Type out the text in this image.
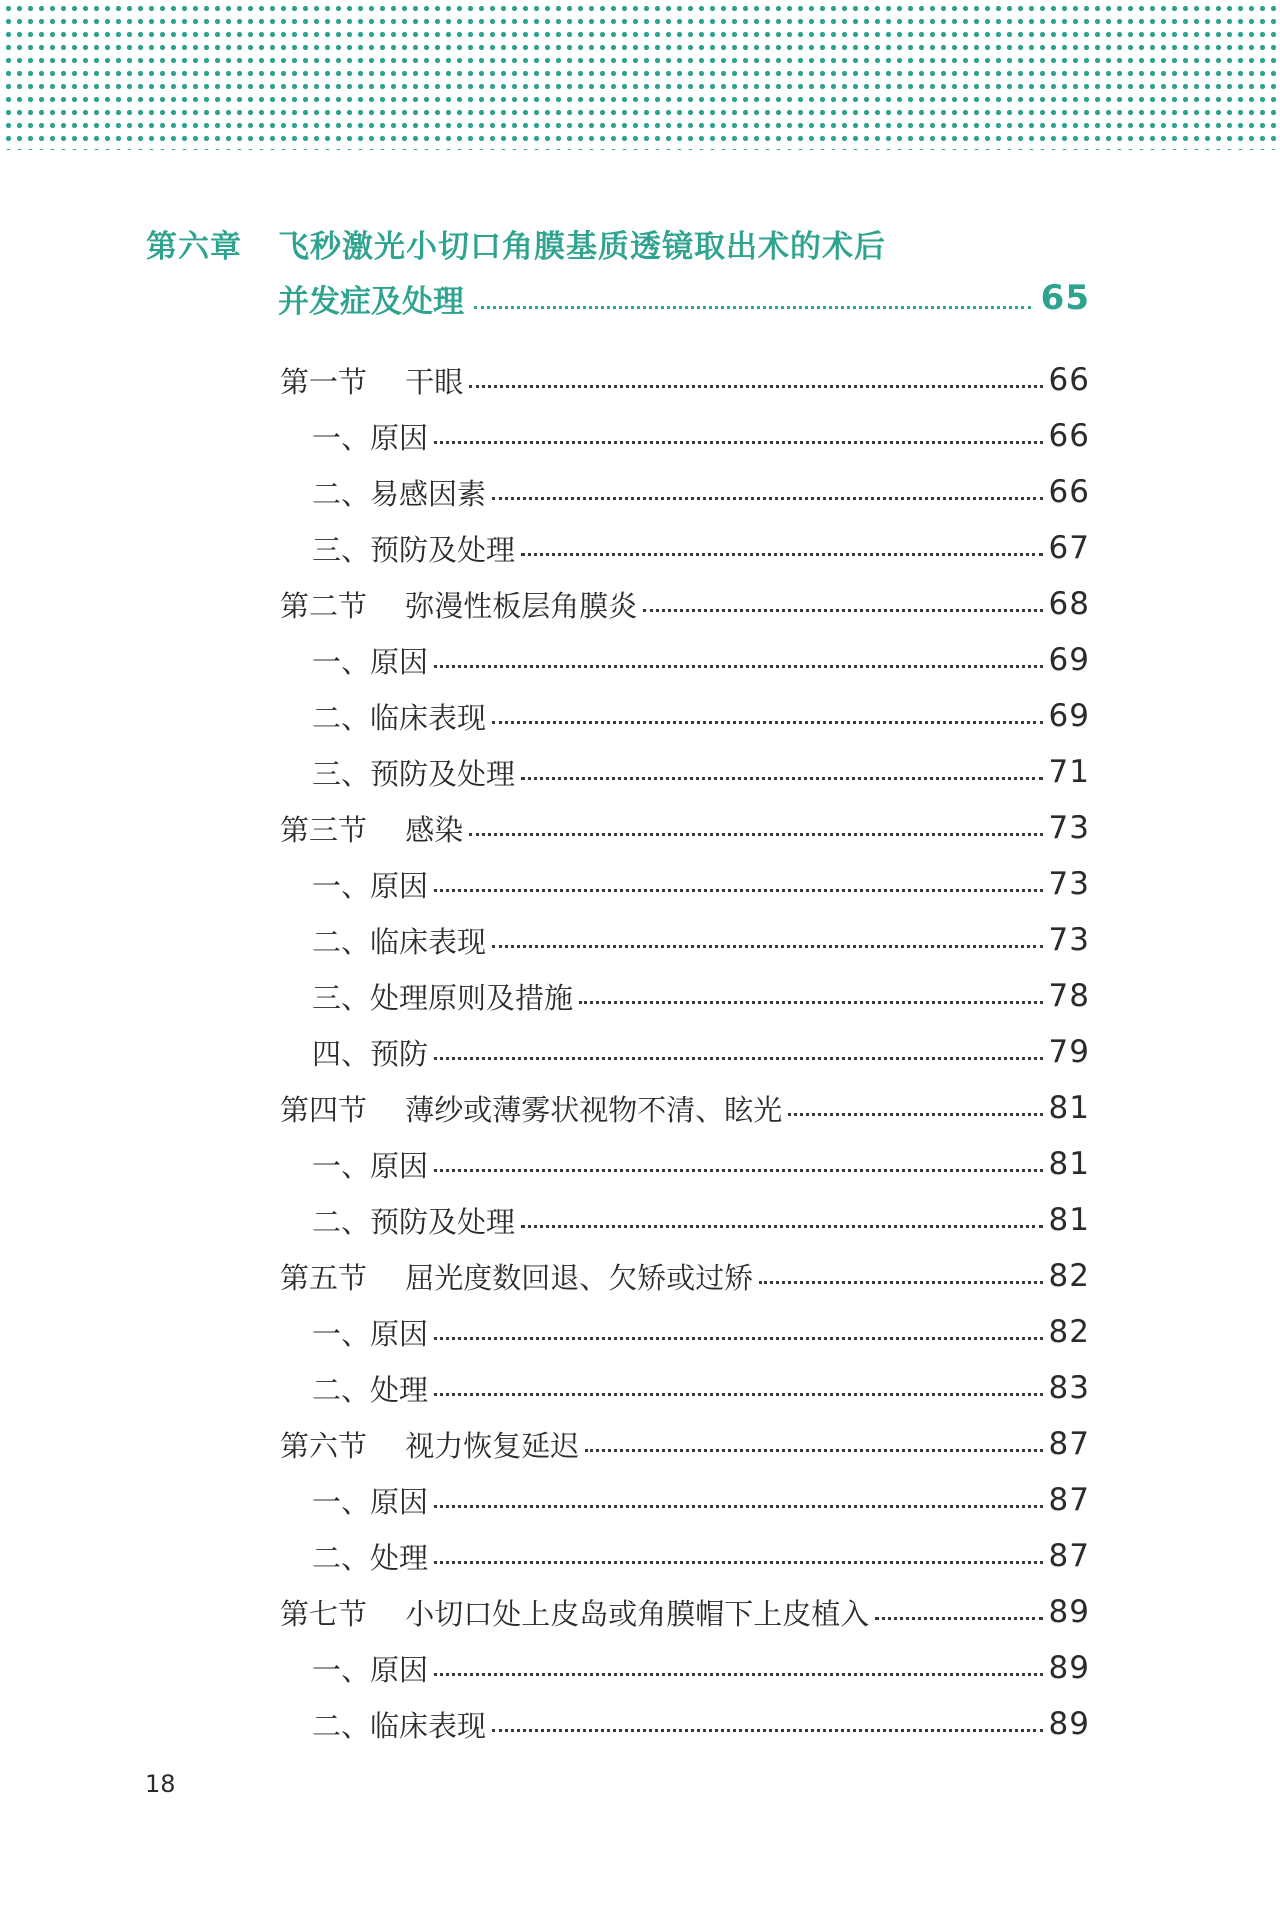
第六章 飞秒激光小切口角膜基质透镜取出术的术后
并发症及处理	65
第一节　 干眼	66
一、原因	66
二、易感因素	66
三、预防及处理	67
第二节　 弥漫性板层角膜炎	68
一、原因	69
二、临床表现	69
三、预防及处理	71
第三节　 感染	73
一、原因	73
二、临床表现	73
三、处理原则及措施	78
四、预防	79
第四节　 薄纱或薄雾状视物不清、眩光	81
一、原因	81
二、预防及处理	81
第五节　 屈光度数回退、欠矫或过矫	82
一、原因	82
二、处理	83
第六节　 视力恢复延迟	87
一、原因	87
二、处理	87
第七节　 小切口处上皮岛或角膜帽下上皮植入	89
一、原因	89
二、临床表现	89
18
